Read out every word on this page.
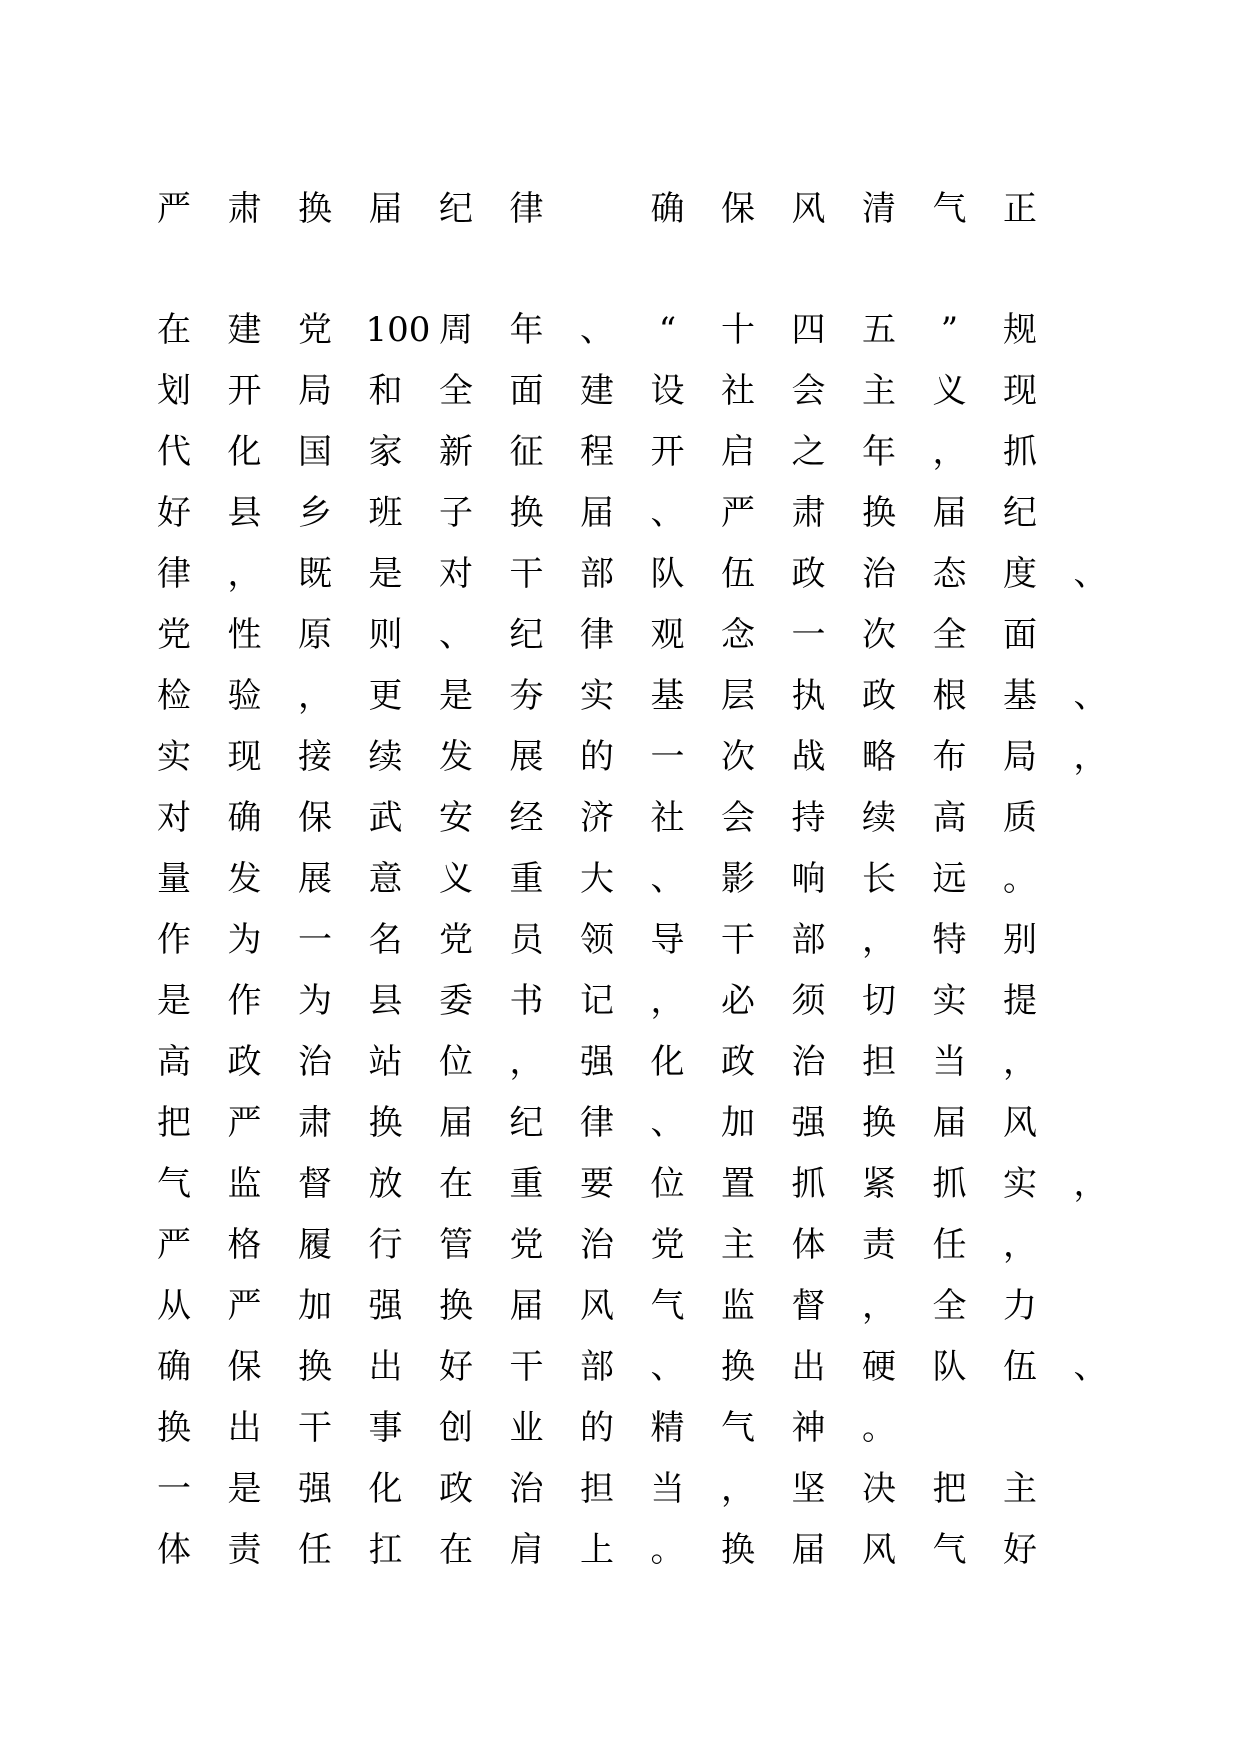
严 肃 换 届 纪 律	确 保 风 清 气 正
在 建 党 100 周 年 、	“	十 四 五	”	规
划 开 局 和 全 面 建 设 社 会 主 义 现
代 化 国 家 新 征 程 开 启 之 年 ， 抓
好 县 乡 班 子 换 届 、 严 肃 换 届 纪
律 ， 既 是 对 干 部 队 伍 政 治 态 度 、
党 性 原 则 、 纪 律 观 念 一 次 全 面
检 验 ， 更 是 夯 实 基 层 执 政 根 基 、
实 现 接 续 发 展 的 一 次 战 略 布 局 ，
对 确 保 武 安 经 济 社 会 持 续 高 质
量 发 展 意 义 重 大 、 影 响 长 远 。
作 为 一 名 党 员 领 导 干 部 ， 特 别
是 作 为 县 委 书 记 ， 必 须 切 实 提
高 政 治 站 位 ， 强 化 政 治 担 当 ，
把 严 肃 换 届 纪 律 、 加 强 换 届 风
气 监 督 放 在 重 要 位 置 抓 紧 抓 实 ，
严 格 履 行 管 党 治 党 主 体 责 任 ，
从 严 加 强 换 届 风 气 监 督 ， 全 力
确 保 换 出 好 干 部 、 换 出 硬 队 伍 、
换 出 干 事 创 业 的 精 气 神 。
一 是 强 化 政 治 担 当 ， 坚 决 把 主
体 责 任 扛 在 肩 上 。 换 届 风 气 好
